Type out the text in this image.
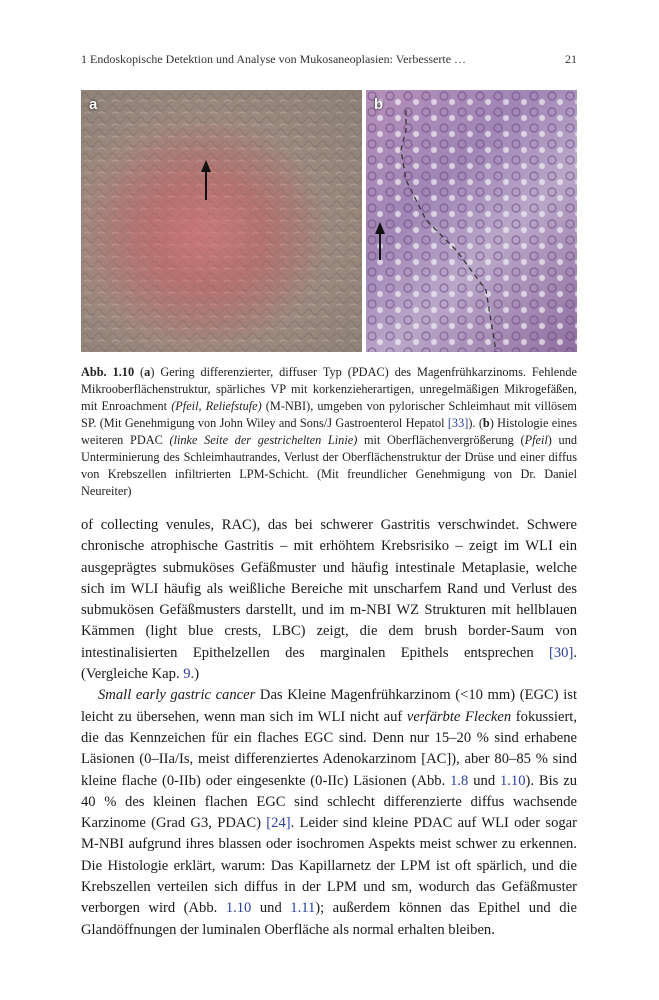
1 Endoskopische Detektion und Analyse von Mukosaneoplasien: Verbesserte …	21
a	b
Abb. 1.10 (a) Gering differenzierter, diffuser Typ (PDAC) des Magenfrühkarzinoms. Fehlende Mikrooberflächenstruktur, spärliches VP mit korkenzieherartigen, unregelmäßigen Mikrogefäßen, mit Enroachment (Pfeil, Reliefstufe) (M-NBI), umgeben von pylorischer Schleimhaut mit villösem SP. (Mit Genehmigung von John Wiley and Sons/J Gastroenterol Hepatol [33]). (b) Histologie eines weiteren PDAC (linke Seite der gestrichelten Linie) mit Oberflächenvergrößerung (Pfeil) und Unterminierung des Schleimhautrandes, Verlust der Oberflächenstruktur der Drüse und einer diffus von Krebszellen infiltrierten LPM-Schicht. (Mit freundlicher Genehmigung von Dr. Daniel Neureiter)

of collecting venules, RAC), das bei schwerer Gastritis verschwindet. Schwere chronische atrophische Gastritis – mit erhöhtem Krebsrisiko – zeigt im WLI ein ausgeprägtes submuköses Gefäßmuster und häufig intestinale Metaplasie, welche sich im WLI häufig als weißliche Bereiche mit unscharfem Rand und Verlust des submukösen Gefäßmusters darstellt, und im m-NBI WZ Strukturen mit hellblauen Kämmen (light blue crests, LBC) zeigt, die dem brush border-Saum von intestinalisierten Epithelzellen des marginalen Epithels entsprechen [30]. (Vergleiche Kap. 9.)

Small early gastric cancer Das Kleine Magenfrühkarzinom (<10 mm) (EGC) ist leicht zu übersehen, wenn man sich im WLI nicht auf verfärbte Flecken fokussiert, die das Kennzeichen für ein flaches EGC sind. Denn nur 15–20 % sind erhabene Läsionen (0–IIa/Is, meist differenziertes Adenokarzinom [AC]), aber 80–85 % sind kleine flache (0-IIb) oder eingesenkte (0-IIc) Läsionen (Abb. 1.8 und 1.10). Bis zu 40 % des kleinen flachen EGC sind schlecht differenzierte diffus wachsende Karzinome (Grad G3, PDAC) [24]. Leider sind kleine PDAC auf WLI oder sogar M-NBI aufgrund ihres blassen oder isochromen Aspekts meist schwer zu erkennen. Die Histologie erklärt, warum: Das Kapillarnetz der LPM ist oft spärlich, und die Krebszellen verteilen sich diffus in der LPM und sm, wodurch das Gefäßmuster verborgen wird (Abb. 1.10 und 1.11); außerdem können das Epithel und die Glandöffnungen der luminalen Oberfläche als normal erhalten bleiben.
